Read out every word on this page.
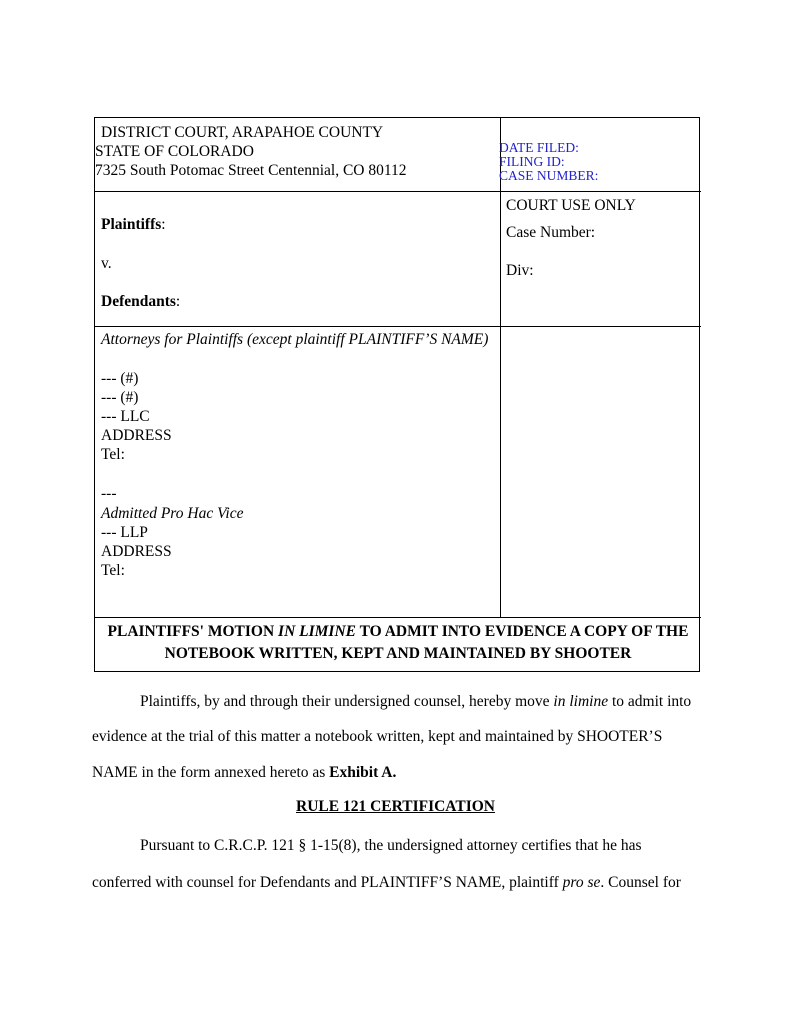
DISTRICT COURT, ARAPAHOE COUNTY
STATE OF COLORADO
7325 South Potomac Street Centennial, CO 80112
DATE FILED:
FILING ID:
CASE NUMBER:
Plaintiffs:
v.
Defendants:
COURT USE ONLY
Case Number:
Div:
Attorneys for Plaintiffs (except plaintiff PLAINTIFF’S NAME)
--- (#)
--- (#)
--- LLC
ADDRESS
Tel:
---
Admitted Pro Hac Vice
--- LLP
ADDRESS
Tel:
PLAINTIFFS' MOTION IN LIMINE TO ADMIT INTO EVIDENCE A COPY OF THE
NOTEBOOK WRITTEN, KEPT AND MAINTAINED BY SHOOTER
Plaintiffs, by and through their undersigned counsel, hereby move in limine to admit into
evidence at the trial of this matter a notebook written, kept and maintained by SHOOTER’S
NAME in the form annexed hereto as Exhibit A.
RULE 121 CERTIFICATION
Pursuant to C.R.C.P. 121 § 1-15(8), the undersigned attorney certifies that he has
conferred with counsel for Defendants and PLAINTIFF’S NAME, plaintiff pro se. Counsel for
